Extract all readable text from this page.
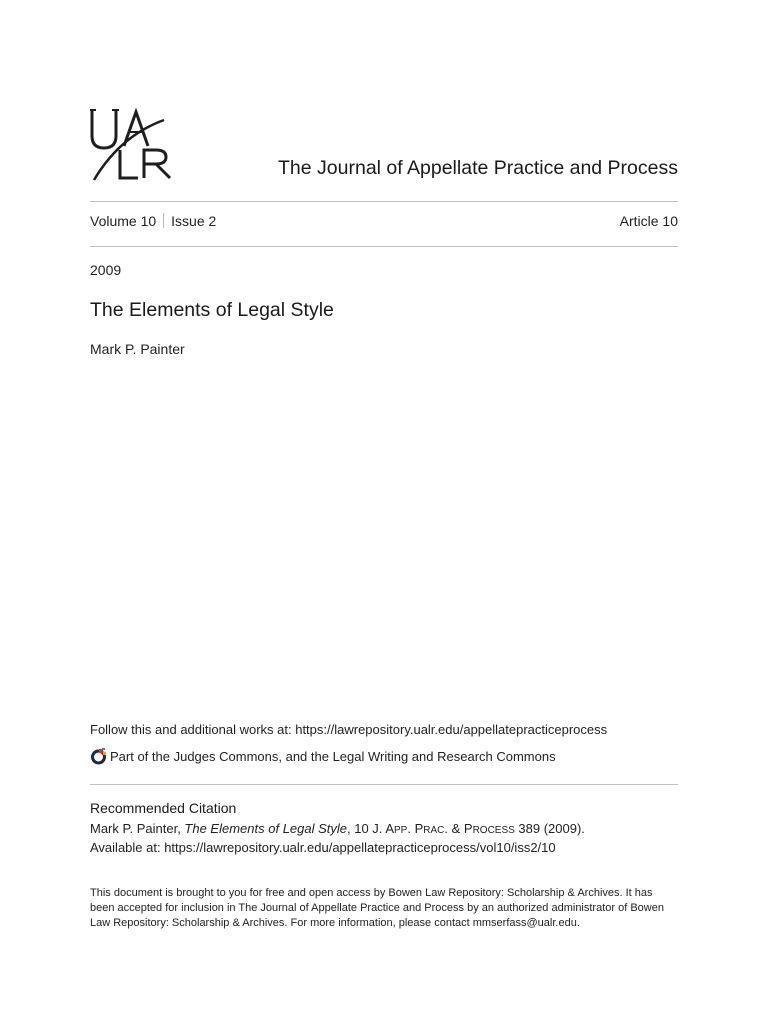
The Journal of Appellate Practice and Process
Volume 10 Issue 2	Article 10
2009
The Elements of Legal Style
Mark P. Painter
Follow this and additional works at: https://lawrepository.ualr.edu/appellatepracticeprocess
Part of the Judges Commons, and the Legal Writing and Research Commons
Recommended Citation
Mark P. Painter, The Elements of Legal Style, 10 J. APP. PRAC. & PROCESS 389 (2009).
Available at: https://lawrepository.ualr.edu/appellatepracticeprocess/vol10/iss2/10
This document is brought to you for free and open access by Bowen Law Repository: Scholarship & Archives. It has been accepted for inclusion in The Journal of Appellate Practice and Process by an authorized administrator of Bowen Law Repository: Scholarship & Archives. For more information, please contact mmserfass@ualr.edu.
